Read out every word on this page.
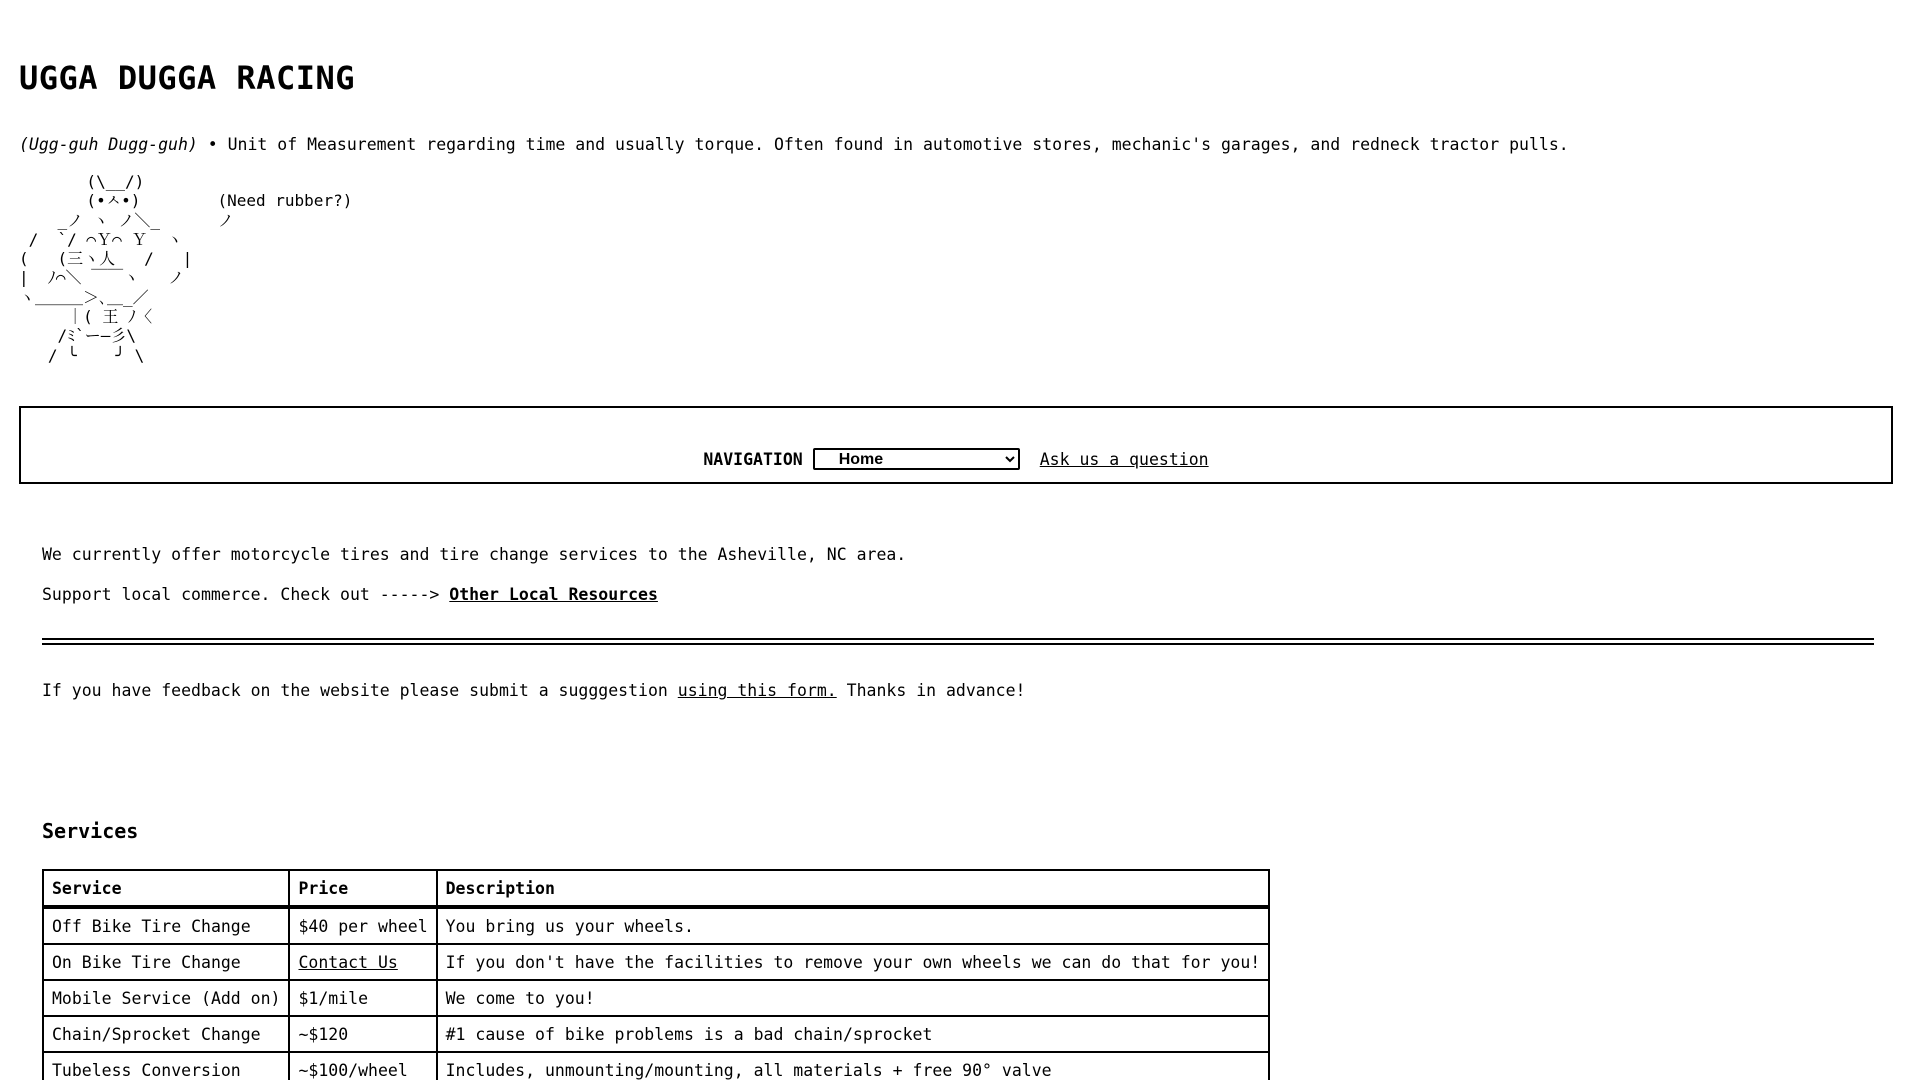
UGGA DUGGA RACING

(Ugg-guh Dugg-guh) • Unit of Measurement regarding time and usually torque. Often found in automotive stores, mechanic's garages, and redneck tractor pulls.

(\__/)
(•ㅅ•)        (Need rubber?)
_ノ ヽ ノ＼_      ノ
/  `/ ⌒Ｙ⌒ Ｙ  ヽ
(   (三ヽ人   /   |
|  ﾉ⌒＼ ￣￣ヽ   ノ
ヽ＿＿＿＞､＿_／
｜( 王 ﾉ〈
/ﾐ`ー―彡\
/ ╰    ╯ \
NAVIGATION
Home	Ask us a question

We currently offer motorcycle tires and tire change services to the Asheville, NC area.

Support local commerce. Check out -----> Other Local Resources

If you have feedback on the website please submit a sugggestion using this form. Thanks in advance!

Services
Service	Price	Description
Off Bike Tire Change	$40 per wheel	You bring us your wheels.
On Bike Tire Change	Contact Us	If you don't have the facilities to remove your own wheels we can do that for you!
Mobile Service (Add on)	$1/mile	We come to you!
Chain/Sprocket Change	~$120	#1 cause of bike problems is a bad chain/sprocket
Tubeless Conversion	~$100/wheel	Includes, unmounting/mounting, all materials + free 90° valve
